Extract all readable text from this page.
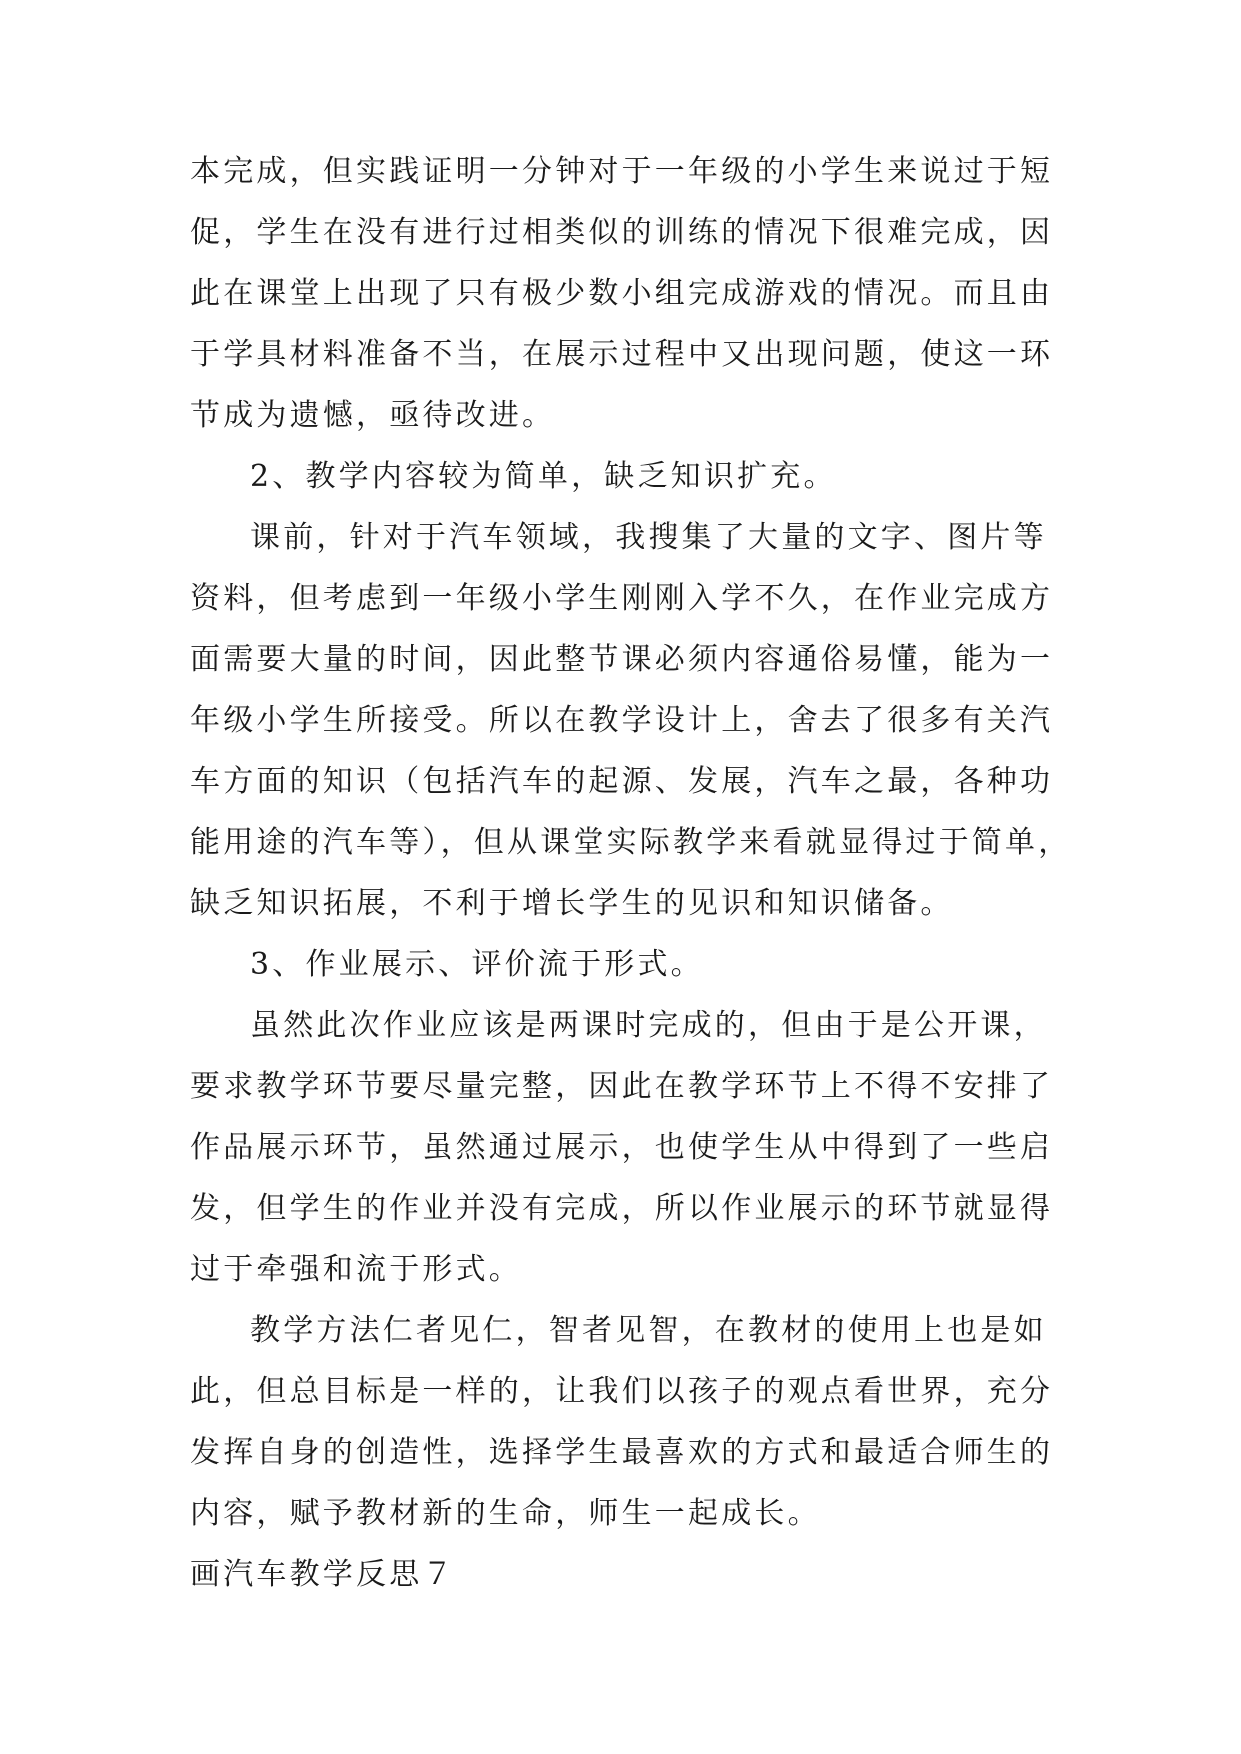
本完成，但实践证明一分钟对于一年级的小学生来说过于短
促，学生在没有进行过相类似的训练的情况下很难完成，因
此在课堂上出现了只有极少数小组完成游戏的情况。而且由
于学具材料准备不当，在展示过程中又出现问题，使这一环
节成为遗憾，亟待改进。
2、教学内容较为简单，缺乏知识扩充。
课前，针对于汽车领域，我搜集了大量的文字、图片等
资料，但考虑到一年级小学生刚刚入学不久，在作业完成方
面需要大量的时间，因此整节课必须内容通俗易懂，能为一
年级小学生所接受。所以在教学设计上，舍去了很多有关汽
车方面的知识（包括汽车的起源、发展，汽车之最，各种功
能用途的汽车等），但从课堂实际教学来看就显得过于简单，
缺乏知识拓展，不利于增长学生的见识和知识储备。
3、作业展示、评价流于形式。
虽然此次作业应该是两课时完成的，但由于是公开课，
要求教学环节要尽量完整，因此在教学环节上不得不安排了
作品展示环节，虽然通过展示，也使学生从中得到了一些启
发，但学生的作业并没有完成，所以作业展示的环节就显得
过于牵强和流于形式。
教学方法仁者见仁，智者见智，在教材的使用上也是如
此，但总目标是一样的，让我们以孩子的观点看世界，充分
发挥自身的创造性，选择学生最喜欢的方式和最适合师生的
内容，赋予教材新的生命，师生一起成长。
画汽车教学反思７
